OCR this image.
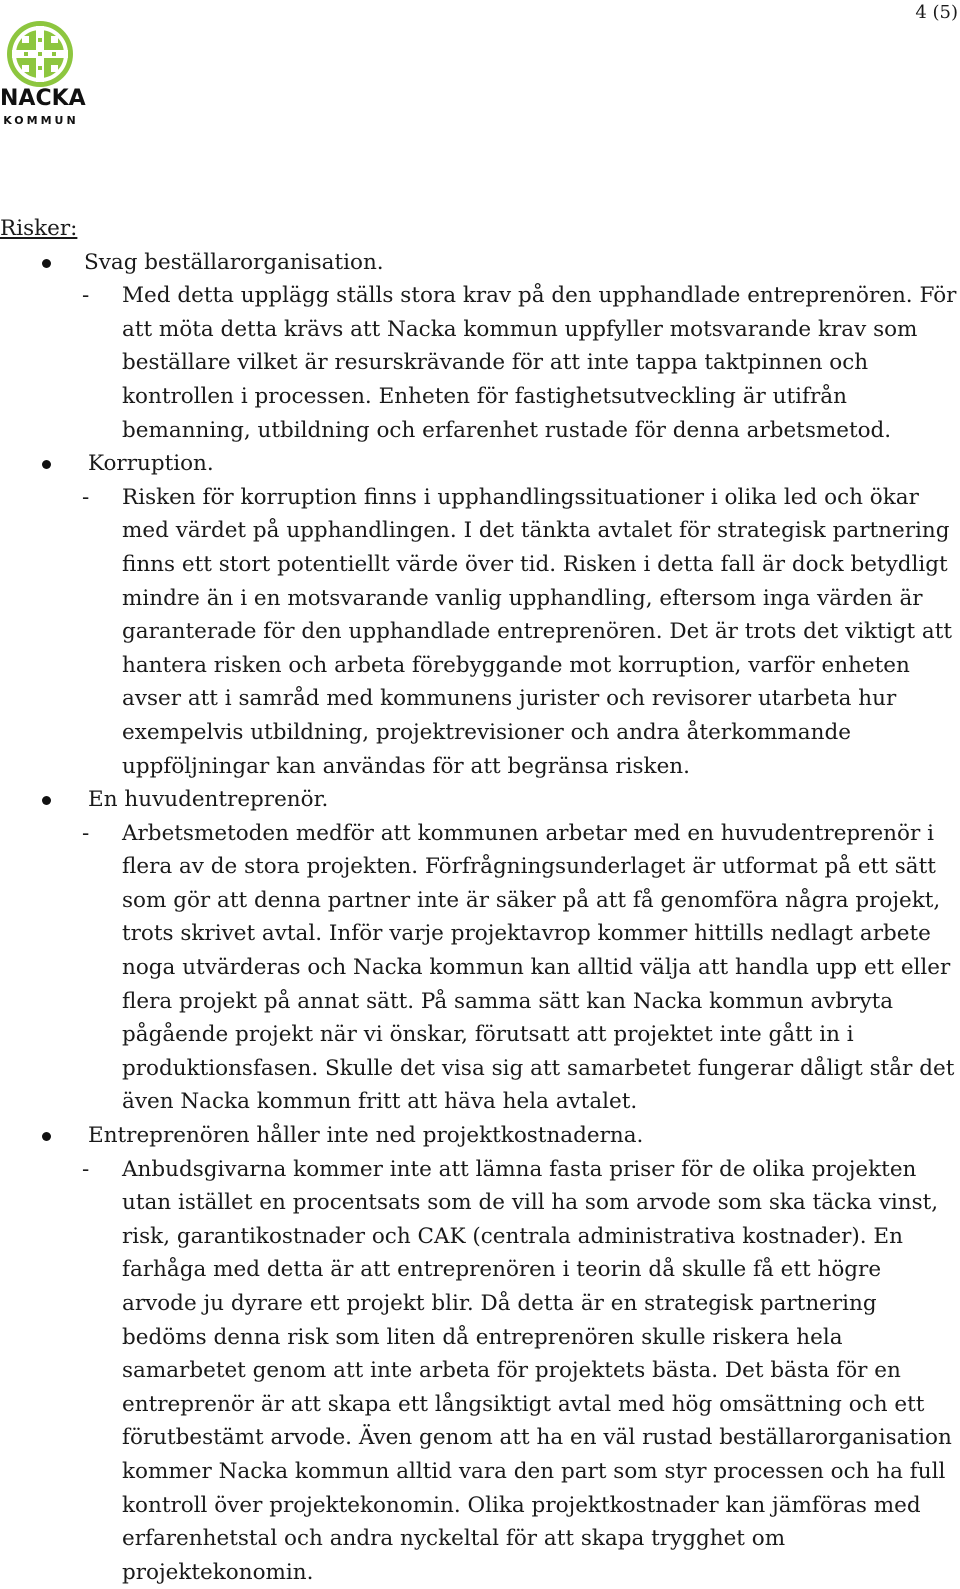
4 (5)
NACKA
KOMMUN

Risker:

Svag beställarorganisation.
- Med detta upplägg ställs stora krav på den upphandlade entreprenören. För att möta detta krävs att Nacka kommun uppfyller motsvarande krav som beställare vilket är resurskrävande för att inte tappa taktpinnen och kontrollen i processen. Enheten för fastighetsutveckling är utifrån bemanning, utbildning och erfarenhet rustade för denna arbetsmetod.
Korruption.
- Risken för korruption finns i upphandlingssituationer i olika led och ökar med värdet på upphandlingen. I det tänkta avtalet för strategisk partnering finns ett stort potentiellt värde över tid. Risken i detta fall är dock betydligt mindre än i en motsvarande vanlig upphandling, eftersom inga värden är garanterade för den upphandlade entreprenören. Det är trots det viktigt att hantera risken och arbeta förebyggande mot korruption, varför enheten avser att i samråd med kommunens jurister och revisorer utarbeta hur exempelvis utbildning, projektrevisioner och andra återkommande uppföljningar kan användas för att begränsa risken.
En huvudentreprenör.
- Arbetsmetoden medför att kommunen arbetar med en huvudentreprenör i flera av de stora projekten. Förfrågningsunderlaget är utformat på ett sätt som gör att denna partner inte är säker på att få genomföra några projekt, trots skrivet avtal. Inför varje projektavrop kommer hittills nedlagt arbete noga utvärderas och Nacka kommun kan alltid välja att handla upp ett eller flera projekt på annat sätt. På samma sätt kan Nacka kommun avbryta pågående projekt när vi önskar, förutsatt att projektet inte gått in i produktionsfasen. Skulle det visa sig att samarbetet fungerar dåligt står det även Nacka kommun fritt att häva hela avtalet.
Entreprenören håller inte ned projektkostnaderna.
- Anbudsgivarna kommer inte att lämna fasta priser för de olika projekten utan istället en procentsats som de vill ha som arvode som ska täcka vinst, risk, garantikostnader och CAK (centrala administrativa kostnader). En farhåga med detta är att entreprenören i teorin då skulle få ett högre arvode ju dyrare ett projekt blir. Då detta är en strategisk partnering bedöms denna risk som liten då entreprenören skulle riskera hela samarbetet genom att inte arbeta för projektets bästa. Det bästa för en entreprenör är att skapa ett långsiktigt avtal med hög omsättning och ett förutbestämt arvode. Även genom att ha en väl rustad beställarorganisation kommer Nacka kommun alltid vara den part som styr processen och ha full kontroll över projektekonomin. Olika projektkostnader kan jämföras med erfarenhetstal och andra nyckeltal för att skapa trygghet om projektekonomin.
